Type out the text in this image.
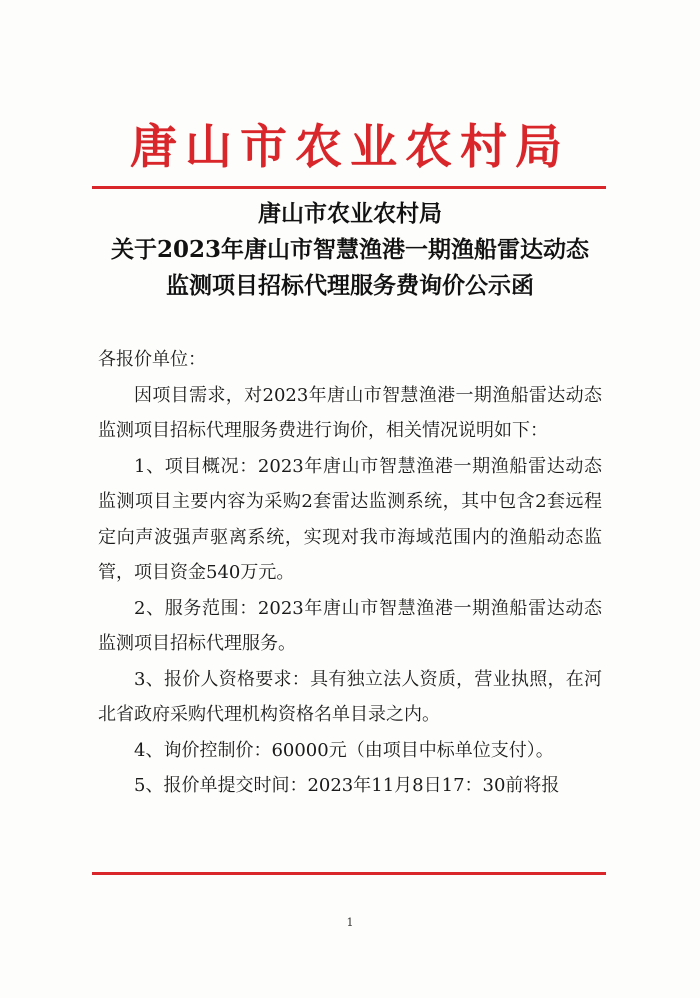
唐山市农业农村局
唐山市农业农村局
关于2023年唐山市智慧渔港一期渔船雷达动态
监测项目招标代理服务费询价公示函

各报价单位：

因项目需求，对2023年唐山市智慧渔港一期渔船雷达动态监测项目招标代理服务费进行询价，相关情况说明如下：

1、项目概况：2023年唐山市智慧渔港一期渔船雷达动态监测项目主要内容为采购2套雷达监测系统，其中包含2套远程定向声波强声驱离系统，实现对我市海域范围内的渔船动态监管，项目资金540万元。

2、服务范围：2023年唐山市智慧渔港一期渔船雷达动态监测项目招标代理服务。

3、报价人资格要求：具有独立法人资质，营业执照，在河北省政府采购代理机构资格名单目录之内。

4、询价控制价：60000元（由项目中标单位支付）。

5、报价单提交时间：2023年11月8日17：30前将报

1
